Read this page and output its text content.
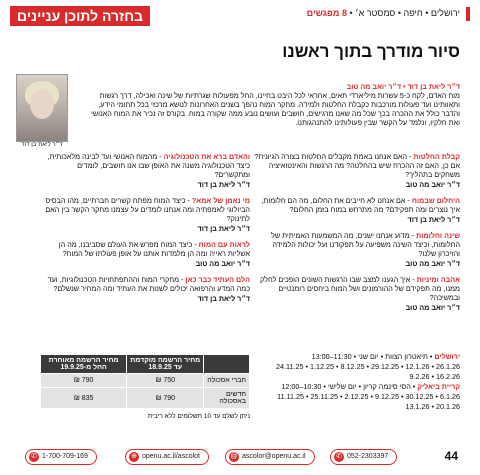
בחזרה לתוכן עניינים	ירושלים • חיפה • סמסטר א׳ • 8 מפגשים
סיור מודרך בתוך ראשנו
ד״ר ליאת בן דוד
ד״ר ליאת בן דוד • ד״ר יואב מה טוב
מוח האדם, לקח כ-5 עשרות מיליארדי תאים, אחראי לכל היבט בחיינו, החל מפעולות שגרתיות של שינה ואכילה, דרך רגשות ותאוותינו ועד פעולות מורכבות כקבלת החלטות ולמידה. מחקר המוח נהפך בשנים האחרונות לנושא מרכזי בכל תחומי הידע, והדבר כולל את ההכרה בכך שכל מה שאנו מרגישים, חושבים ועושים נובע ממה שקורה במוח. בקורס זה נכיר את המוח האנושי ואת חלקיו, ונלמד על הקשר שבין פעולותינו להתנהגותנו.
קבלת החלטות - האם אנחנו באמת מקבלים החלטות בצורה הגיונית? אם כן, האם זה ההכרח שיש בהחלטה? מה הרגשות והאינטואיציה משחקים בתהליך?
ד״ר יואב מה טוב
היחלום שבמוח - אם אנחנו לא חייבים את החלום, מה הם חלומות, איך נוצרים ומה תפקידם? מה מתרחש במוח בזמן החלום?
ד״ר ליאת בן דוד
שינה וחלומות - מדוע אנחנו ישנים, מה המשמעות האמיתית של החלומות, וכיצד השינה משפיעה על תפקודנו ועל יכולות הלמידה והזיכרון שלנו?
ד״ר יואב מה טוב
אהבה ומיניות - איך הגענו למצב שבו הרגשות השונים הופכים לחלק ממנו, מה תפקידם של ההורמונים ושל המוח ביחסים רומנטיים ובמשיכה?
ד״ר יואב מה טוב
והאדם ברא את הטכנולוגיה - מהמוח האנושי ועד לבינה מלאכותית, כיצד הטכנולוגיה משנה את האופן שבו אנו חושבים, לומדים ומתקשרים?
ד״ר ליאת בן דוד
מי נאמן של אמא? - כיצד המוח מפתח קשרים חברתיים, מהו הבסיס הביולוגי לאמפתיה ומה אנחנו לומדים על עצמנו מחקר הקשר בין האם לתינוק?
ד״ר ליאת בן דוד
לראות עם המוח - כיצד המוח מפרש את העולם שסביבנו, מה הן אשליות ראייה ומה הן מלמדות אותנו על אופן פעולתו של המוח?
ד״ר יואב מה טוב
הלם העתיד כבר כאן - מחקרי המוח וההתפתחויות הטכנולוגיות, ועד כמה המדע והרפואה יכולים לשנות את העתיד ומה המחיר שנשלם?
ד״ר ליאת בן דוד
ירושלים • תיאטרון הצוות • יום שני • 11:30–13:00
26.1.26 • 12.1.26 • 29.12.25 • 8.12.25 • 1.12.25 • 24.11.25
16.2.26 • 9.2.26
קריית ביאליק • הסי סינמה קריון • יום שלישי • 10:30–12:00
6.1.26 • 30.12.25 • 9.12.25 • 2.12.25 • 25.11.25 • 11.11.25
20.1.26 • 13.1.26
	מחיר הרשמה מוקדמת עד 18.9.25	מחיר הרשמה מאוחרת החל מ-19.9.25
חברי אסכולה	750 ₪	790 ₪
חדשים באסכולה	790 ₪	835 ₪
ניתן לשלם עד 10 תשלומים ללא ריבית
44
✆ 052-2303397
@ ascolor@openu.ac.il
⊕ openu.ac.il/ascolot
✆ 1-700-709-169
